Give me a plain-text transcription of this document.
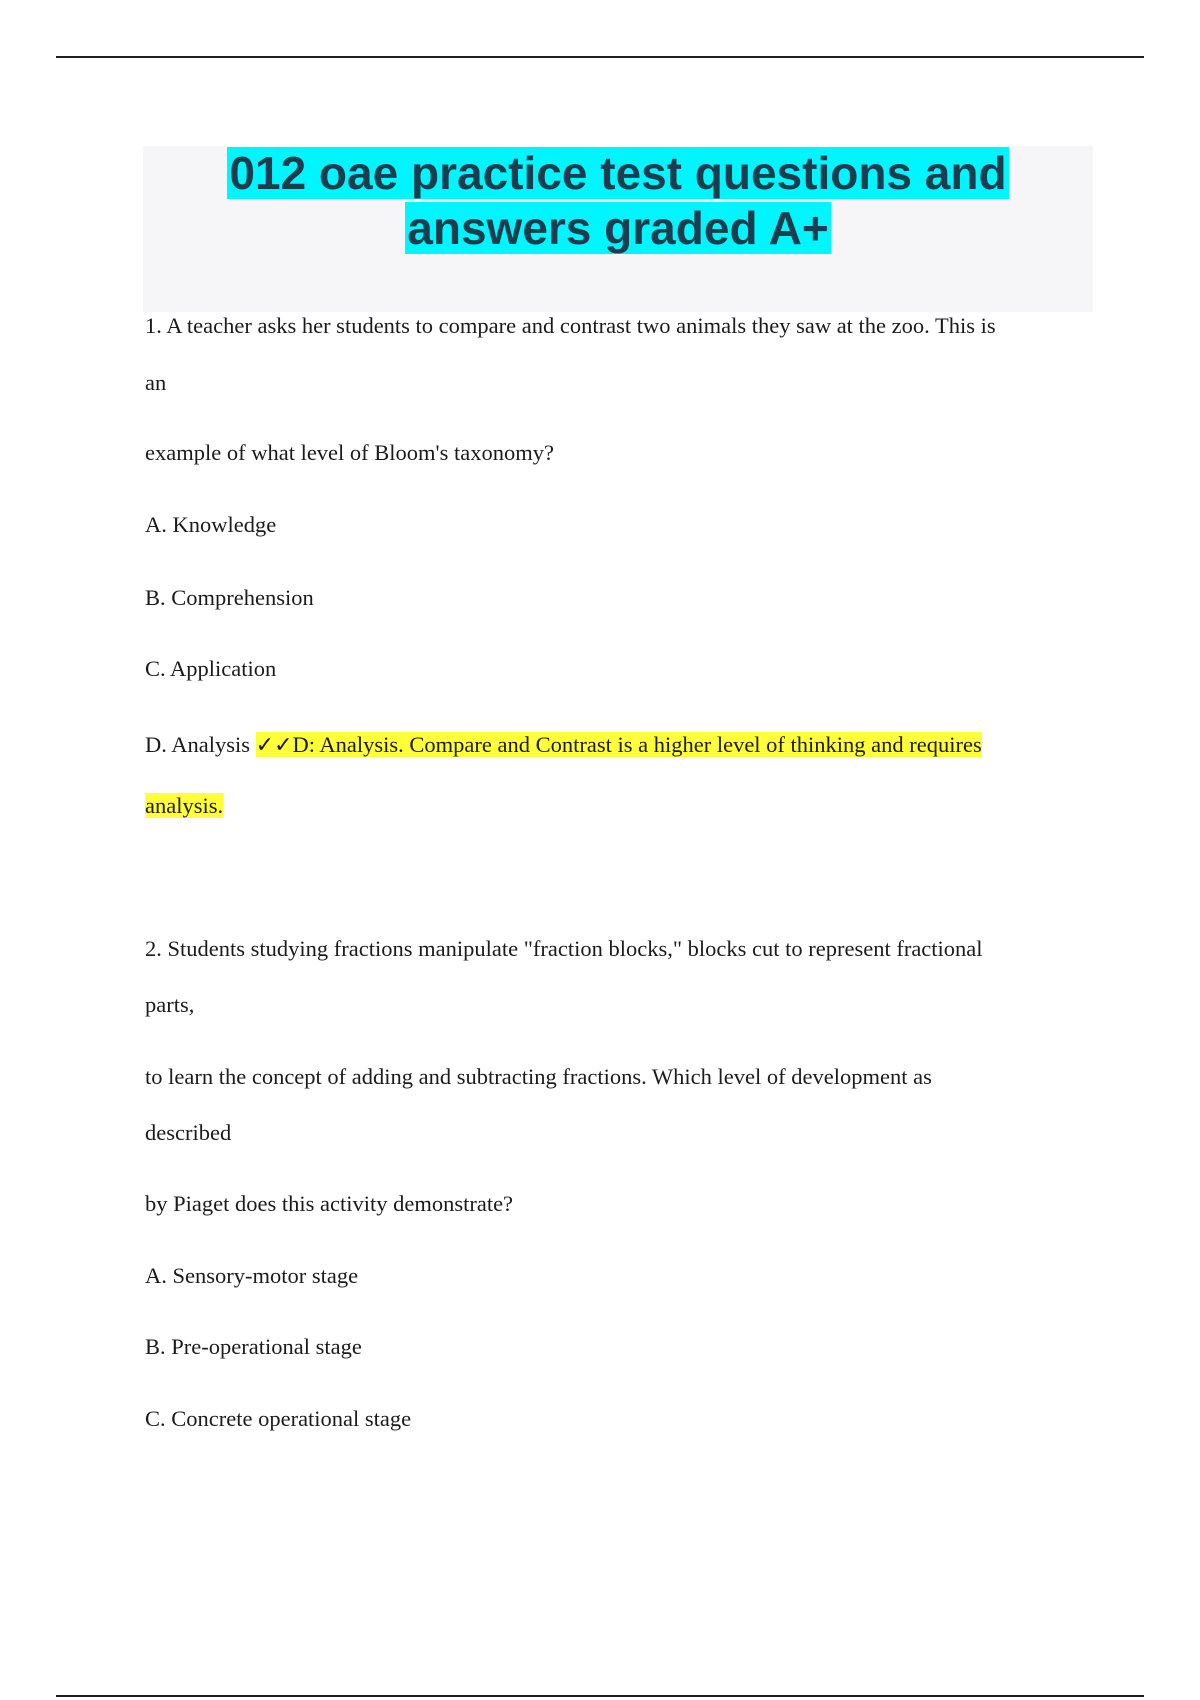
012 oae practice test questions and
answers graded A+

1. A teacher asks her students to compare and contrast two animals they saw at the zoo. This is

an

example of what level of Bloom's taxonomy?

A. Knowledge

B. Comprehension

C. Application

D. Analysis ✓✓D: Analysis. Compare and Contrast is a higher level of thinking and requires

analysis.

2. Students studying fractions manipulate "fraction blocks," blocks cut to represent fractional

parts,

to learn the concept of adding and subtracting fractions. Which level of development as

described

by Piaget does this activity demonstrate?

A. Sensory-motor stage

B. Pre-operational stage

C. Concrete operational stage
